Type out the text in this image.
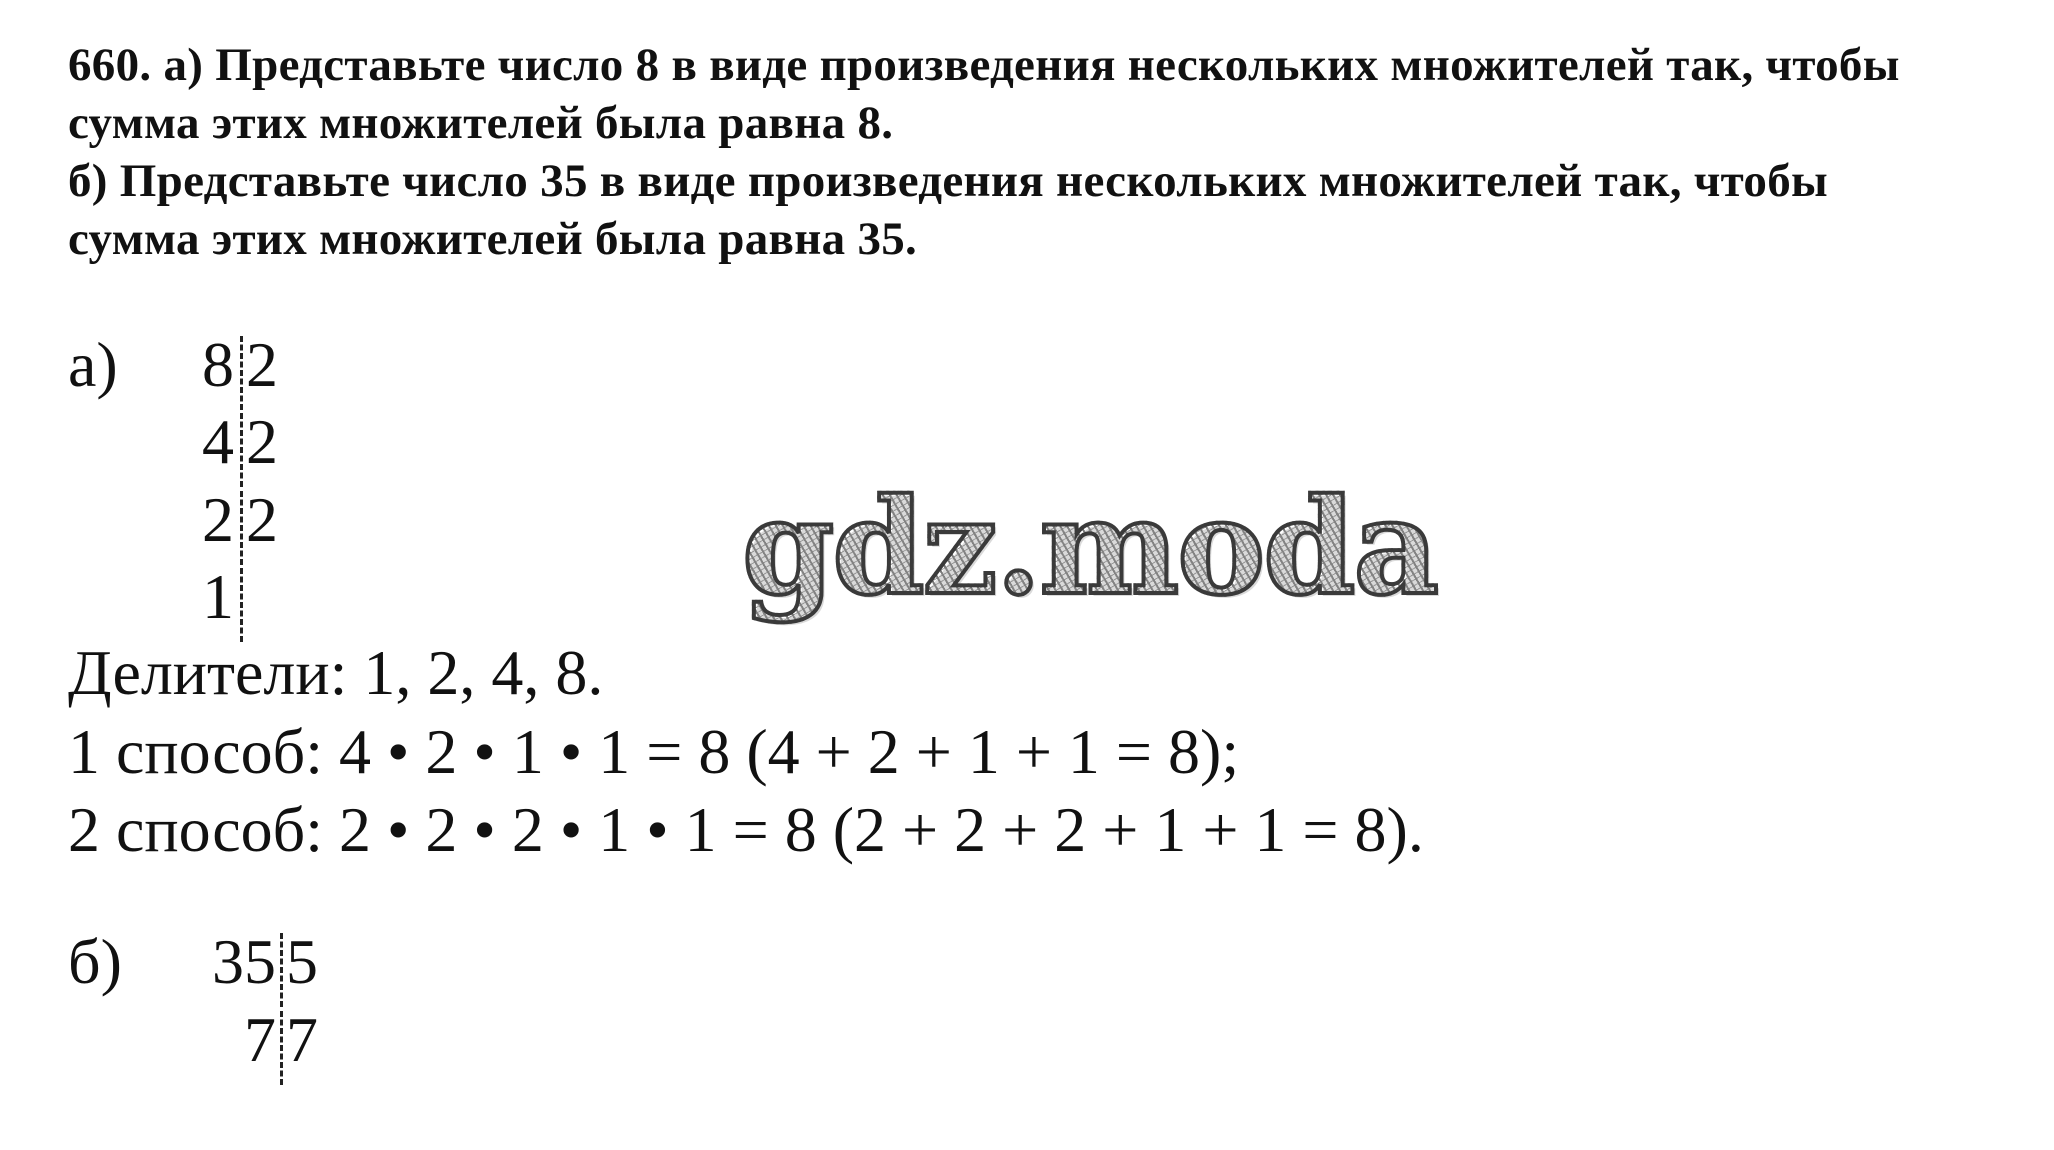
660. а) Представьте число 8 в виде произведения нескольких множителей так, чтобы
сумма этих множителей была равна 8.
б) Представьте число 35 в виде произведения нескольких множителей так, чтобы
сумма этих множителей была равна 35.
а)	8 2
4 2
2 2
1
Делители: 1, 2, 4, 8.
1 способ: 4 • 2 • 1 • 1 = 8 (4 + 2 + 1 + 1 = 8);
2 способ: 2 • 2 • 2 • 1 • 1 = 8 (2 + 2 + 2 + 1 + 1 = 8).
б)	35 5
7 7
gdz.moda
